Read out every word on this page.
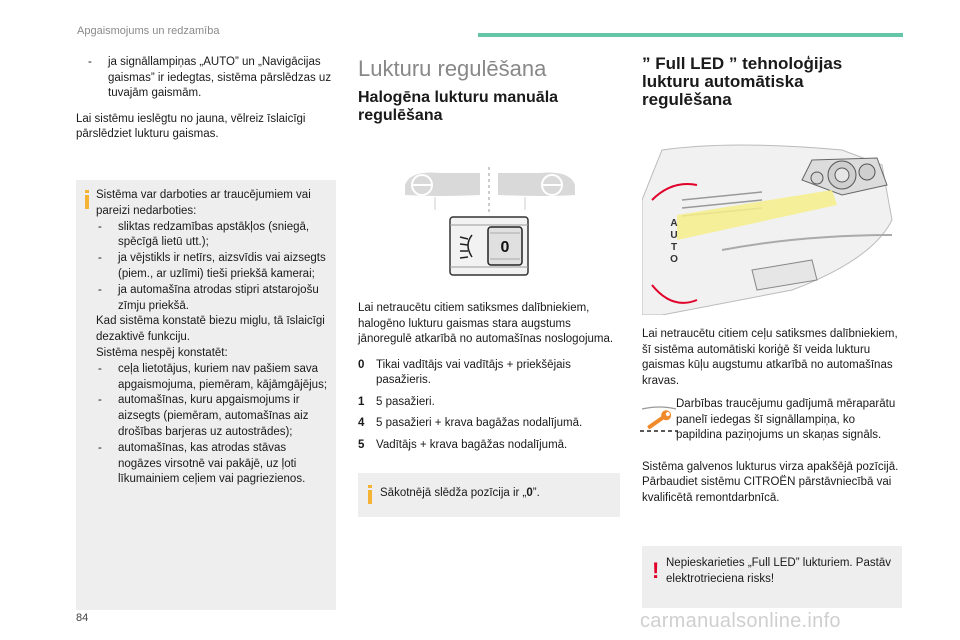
Apgaismojums un redzamība
- ja signāllampiņas „AUTO” un „Navigācijas gaismas” ir iedegtas, sistēma pārslēdzas uz tuvajām gaismām.

Lai sistēmu ieslēgtu no jauna, vēlreiz īslaicīgi pārslēdziet lukturu gaismas.

Sistēma var darboties ar traucējumiem vai pareizi nedarboties:
- sliktas redzamības apstākļos (sniegā, spēcīgā lietū utt.);
- ja vējstikls ir netīrs, aizsvīdis vai aizsegts (piem., ar uzlīmi) tieši priekšā kamerai;
- ja automašīna atrodas stipri atstarojošu zīmju priekšā.
Kad sistēma konstatē biezu miglu, tā īslaicīgi dezaktivē funkciju.
Sistēma nespēj konstatēt:
- ceļa lietotājus, kuriem nav pašiem sava apgaismojuma, piemēram, kājāmgājējus;
- automašīnas, kuru apgaismojums ir aizsegts (piemēram, automašīnas aiz drošības barjeras uz autostrādes);
- automašīnas, kas atrodas stāvas nogāzes virsotnē vai pakājē, uz ļoti līkumainiem ceļiem vai pagriezienos.
Lukturu regulēšana
Halogēna lukturu manuāla regulēšana
0

Lai netraucētu citiem satiksmes dalībniekiem, halogēno lukturu gaismas stara augstums jānoregulē atkarībā no automašīnas noslogojuma.

0	Tikai vadītājs vai vadītājs + priekšējais pasažieris.
1	5 pasažieri.
4	5 pasažieri + krava bagāžas nodalījumā.
5	Vadītājs + krava bagāžas nodalījumā.
Sākotnējā slēdža pozīcija ir „0”.
” Full LED ” tehnoloģijas
lukturu automātiska
regulēšana
A
U
T
O

Lai netraucētu citiem ceļu satiksmes dalībniekiem, šī sistēma automātiski koriģē šī veida lukturu gaismas kūļu augstumu atkarībā no automašīnas kravas.

Darbības traucējumu gadījumā mēraparātu panelī iedegas šī signāllampiņa, ko papildina paziņojums un skaņas signāls.

Sistēma galvenos lukturus virza apakšējā pozīcijā.

Pārbaudiet sistēmu CITROËN pārstāvniecībā vai kvalificētā remontdarbnīcā.

! Nepieskarieties „Full LED” lukturiem. Pastāv elektrotrieciena risks!
84	carmanualsonline.info
